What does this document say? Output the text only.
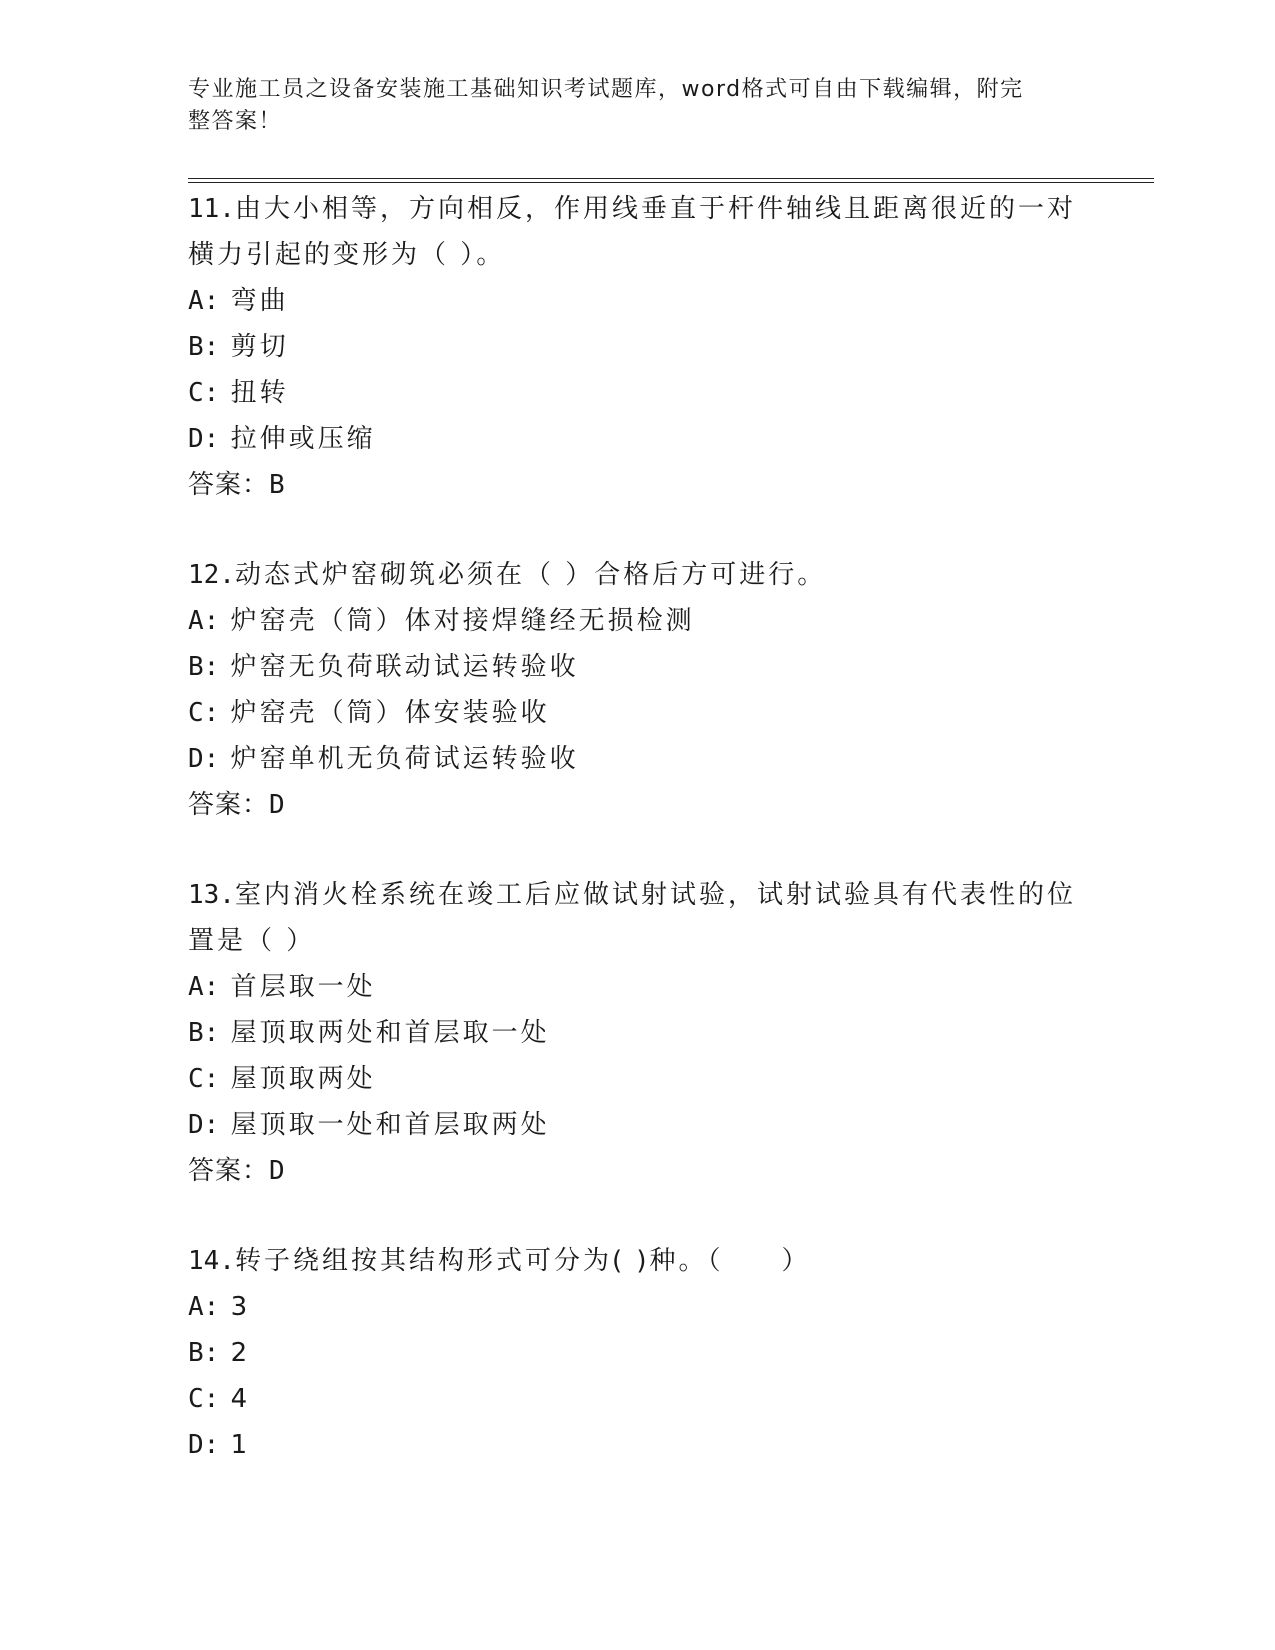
专业施工员之设备安装施工基础知识考试题库，word格式可自由下载编辑，附完
整答案！

11.由大小相等，方向相反，作用线垂直于杆件轴线且距离很近的一对

横力引起的变形为（ ）。

A: 弯曲

B: 剪切

C: 扭转

D: 拉伸或压缩

答案：B

12.动态式炉窑砌筑必须在（ ）合格后方可进行。

A: 炉窑壳（筒）体对接焊缝经无损检测

B: 炉窑无负荷联动试运转验收

C: 炉窑壳（筒）体安装验收

D: 炉窑单机无负荷试运转验收

答案：D

13.室内消火栓系统在竣工后应做试射试验，试射试验具有代表性的位

置是（ ）

A: 首层取一处

B: 屋顶取两处和首层取一处

C: 屋顶取两处

D: 屋顶取一处和首层取两处

答案：D

14.转子绕组按其结构形式可分为( )种。（　　）

A: 3

B: 2

C: 4

D: 1
